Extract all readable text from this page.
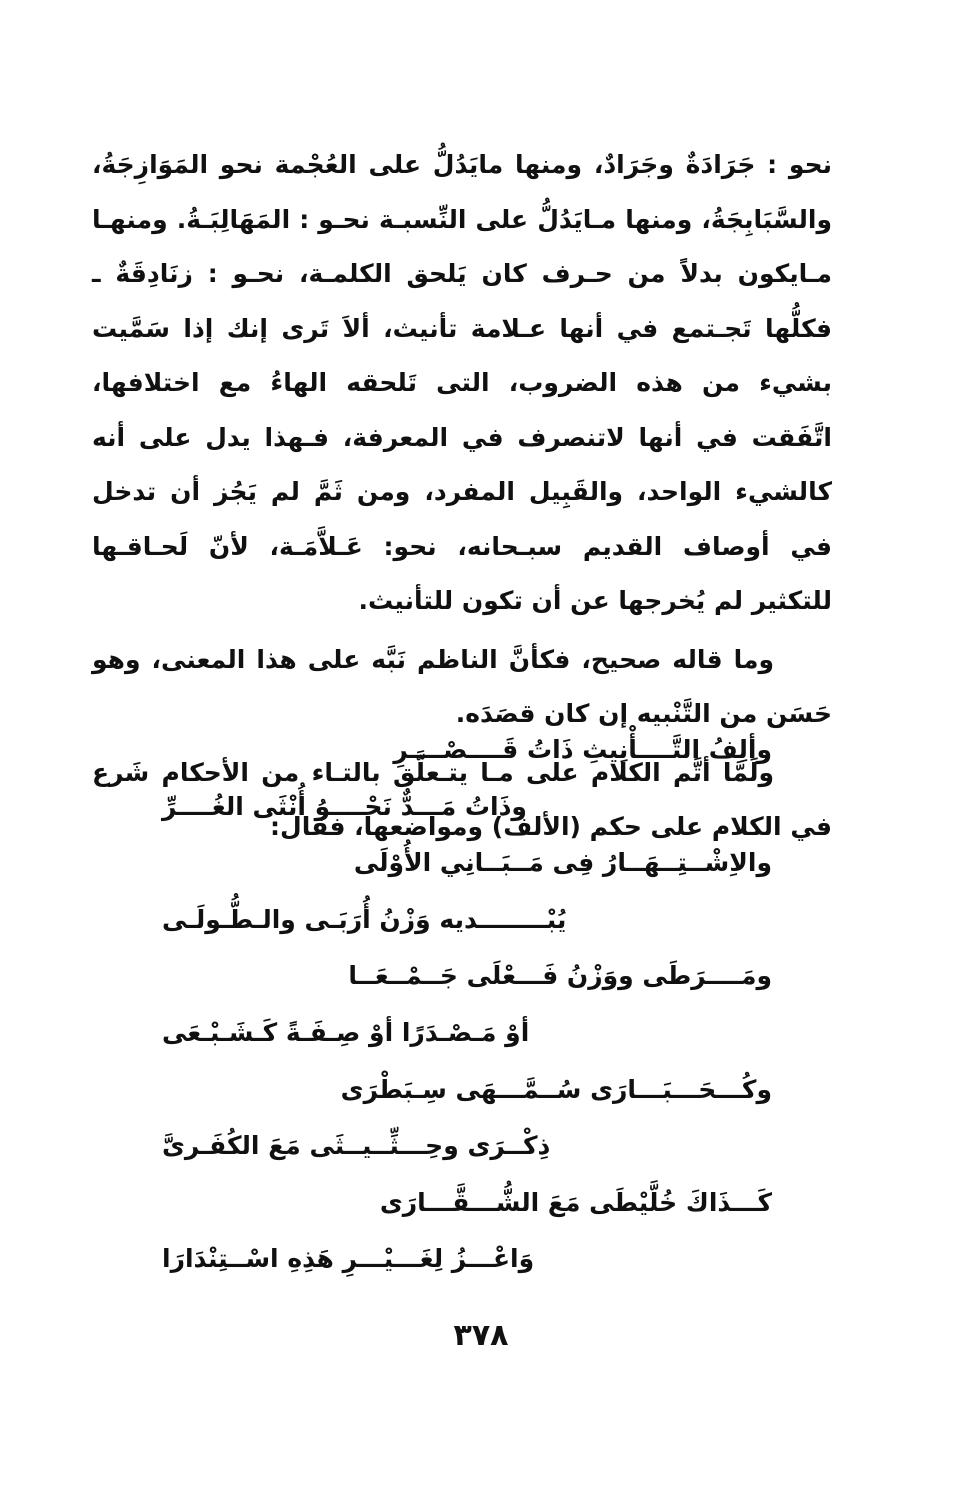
نحو : جَرَادَةٌ وجَرَادٌ، ومنها مايَدُلُّ على العُجْمة نحو المَوَازِجَةُ، والسَّبَابِجَةُ، ومنها مـايَدُلُّ على النِّسبـة نحـو : المَهَالِبَـةُ. ومنهـا مـايكون بدلاً من حـرف كان يَلحق الكلمـة، نحـو : زنَادِقَةٌ ـ فكلُّها تَجـتمع في أنها عـلامة تأنيث، ألاَ تَرى إنك إذا سَمَّيت بشيء من هذه الضروب، التى تَلحقه الهاءُ مع اختلافها، اتَّفَقت في أنها لاتنصرف في المعرفة، فـهذا يدل على أنه كالشيء الواحد، والقَبِيل المفرد، ومن ثَمَّ لم يَجُز أن تدخل في أوصاف القديم سبـحانه، نحو: عَـلاَّمَـة، لأنّ لَحـاقـها للتكثير لم يُخرجها عن أن تكون للتأنيث.

وما قاله صحيح، فكأنَّ الناظم نَبَّه على هذا المعنى، وهو حَسَن من التَّنْبيه إن كان قصَدَه.

ولَمَّا أتَّم الكلام على مـا يتـعلَّق بالتـاء من الأحكام شَرع في الكلام على حكم (الألف) ومواضعها، فقال:

وألِفُ التَّــــأْنِيثِ ذَاتُ قَــــصْــــرِ
وذَاتُ مَـــدٌّ نَحْــــوُ أُنْثَى الغُــــرِّ
والاِشْــتِــهَــارُ فِى مَــبَــانِي الأُوْلَى
يُبْــــــــديه وَزْنُ أُرَبَـى والـطُّـولَـى
ومَــــرَطَى ووَزْنُ فَـــعْلَى جَــمْــعَــا
أوْ مَـصْـدَرًا أوْ صِـفَـةً كَـشَـبْـعَى
وكُـــحَـــبَـــارَى سُــمَّـــهَى سِـبَطْرَى
ذِكْــرَى وحِـــثِّــيــثَى مَعَ الكُفَـرىَّ
كَـــذَاكَ خُلَّيْطَى مَعَ الشُّـــقَّـــارَى
وَاعْـــزُ لِغَـــيْـــرِ هَذِهِ اسْــتِنْدَارَا
٣٧٨
